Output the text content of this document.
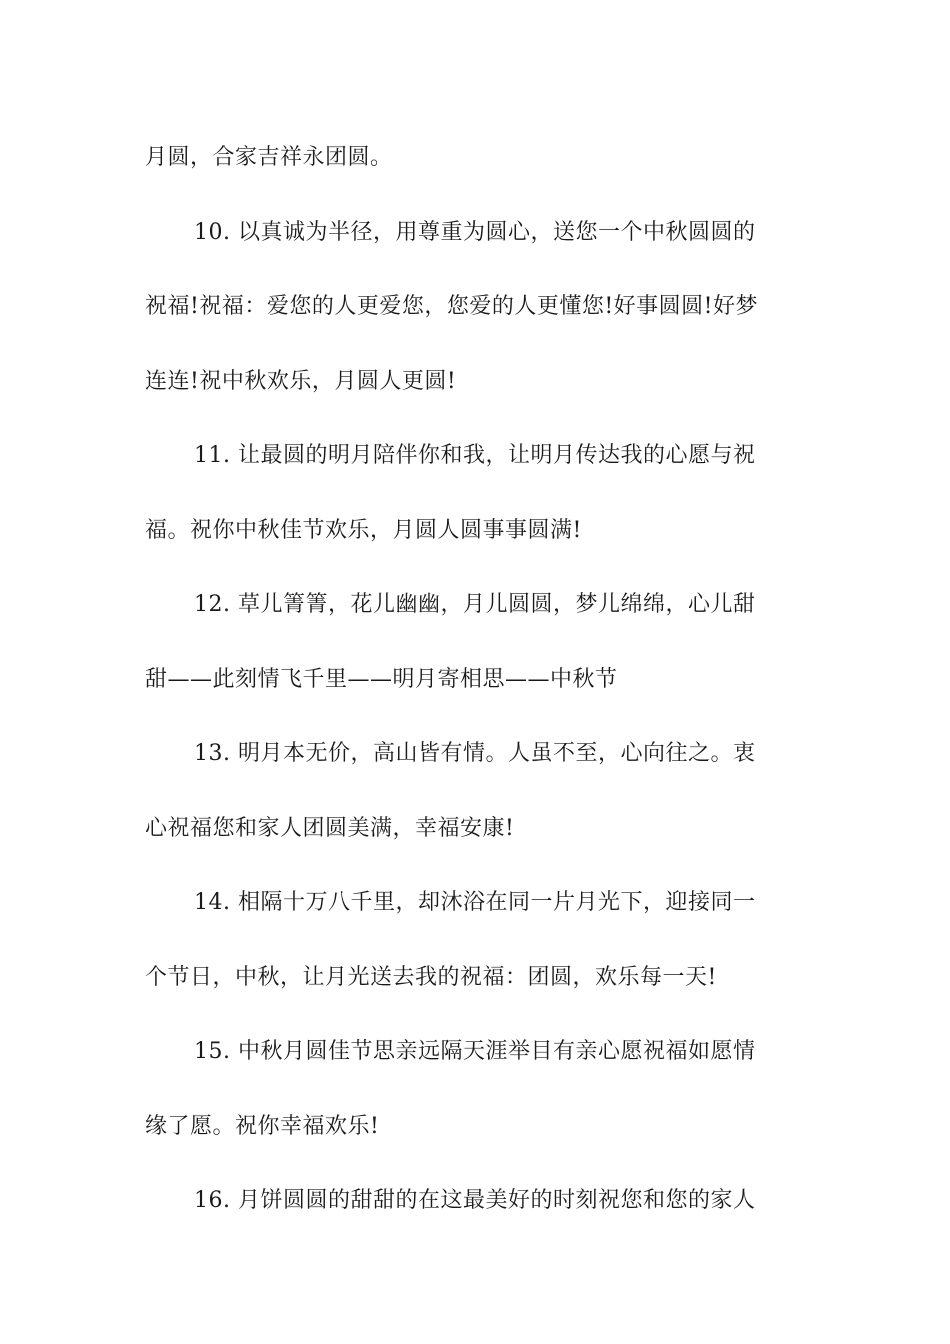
月圆，合家吉祥永团圆。
10. 以真诚为半径，用尊重为圆心，送您一个中秋圆圆的
祝福!祝福：爱您的人更爱您，您爱的人更懂您!好事圆圆!好梦
连连!祝中秋欢乐，月圆人更圆!
11. 让最圆的明月陪伴你和我，让明月传达我的心愿与祝
福。祝你中秋佳节欢乐，月圆人圆事事圆满!
12. 草儿箐箐，花儿幽幽，月儿圆圆，梦儿绵绵，心儿甜
甜——此刻情飞千里——明月寄相思——中秋节
13. 明月本无价，高山皆有情。人虽不至，心向往之。衷
心祝福您和家人团圆美满，幸福安康!
14. 相隔十万八千里，却沐浴在同一片月光下，迎接同一
个节日，中秋，让月光送去我的祝福：团圆，欢乐每一天!
15. 中秋月圆佳节思亲远隔天涯举目有亲心愿祝福如愿情
缘了愿。祝你幸福欢乐!
16. 月饼圆圆的甜甜的在这最美好的时刻祝您和您的家人
